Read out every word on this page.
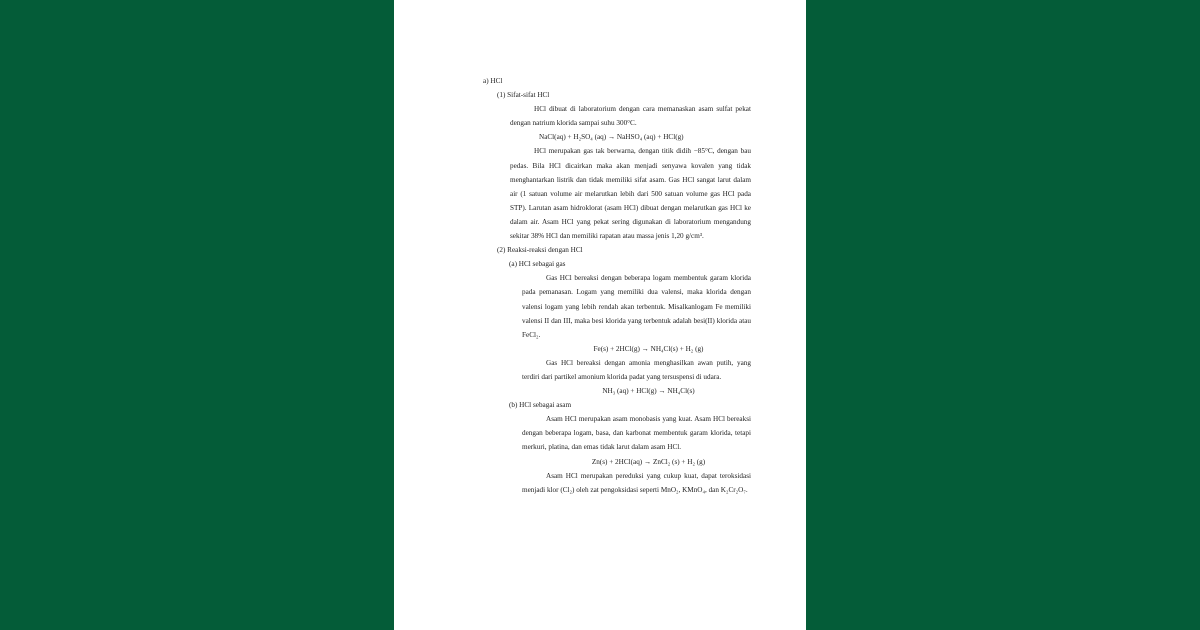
a) HCl

(1) Sifat-sifat HCl

HCl dibuat di laboratorium dengan cara memanaskan asam sulfat pekat dengan natrium klorida sampai suhu 300°C.

NaCl(aq) + H₂SO₄ (aq) → NaHSO₄ (aq) + HCl(g)

HCl merupakan gas tak berwarna, dengan titik didih −85°C, dengan bau pedas. Bila HCl dicairkan maka akan menjadi senyawa kovalen yang tidak menghantarkan listrik dan tidak memiliki sifat asam. Gas HCl sangat larut dalam air (1 satuan volume air melarutkan lebih dari 500 satuan volume gas HCl pada STP). Larutan asam hidroklorat (asam HCl) dibuat dengan melarutkan gas HCl ke dalam air. Asam HCl yang pekat sering digunakan di laboratorium mengandung sekitar 38% HCl dan memiliki rapatan atau massa jenis 1,20 g/cm³.

(2) Reaksi-reaksi dengan HCl

(a) HCl sebagai gas

Gas HCl bereaksi dengan beberapa logam membentuk garam klorida pada pemanasan. Logam yang memiliki dua valensi, maka klorida dengan valensi logam yang lebih rendah akan terbentuk. Misalkanlogam Fe memiliki valensi II dan III, maka besi klorida yang terbentuk adalah besi(II) klorida atau FeCl₂.

Fe(s) + 2HCl(g) → NH₄Cl(s) + H₂ (g)

Gas HCl bereaksi dengan amonia menghasilkan awan putih, yang terdiri dari partikel amonium klorida padat yang tersuspensi di udara.

NH₃ (aq) + HCl(g) → NH₄Cl(s)

(b) HCl sebagai asam

Asam HCl merupakan asam monobasis yang kuat. Asam HCl bereaksi dengan beberapa logam, basa, dan karbonat membentuk garam klorida, tetapi merkuri, platina, dan emas tidak larut dalam asam HCl.

Zn(s) + 2HCl(aq) → ZnCl₂ (s) + H₂ (g)

Asam HCl merupakan pereduksi yang cukup kuat, dapat teroksidasi menjadi klor (Cl₂) oleh zat pengoksidasi seperti MnO₂, KMnO₄, dan K₂Cr₂O₇.
